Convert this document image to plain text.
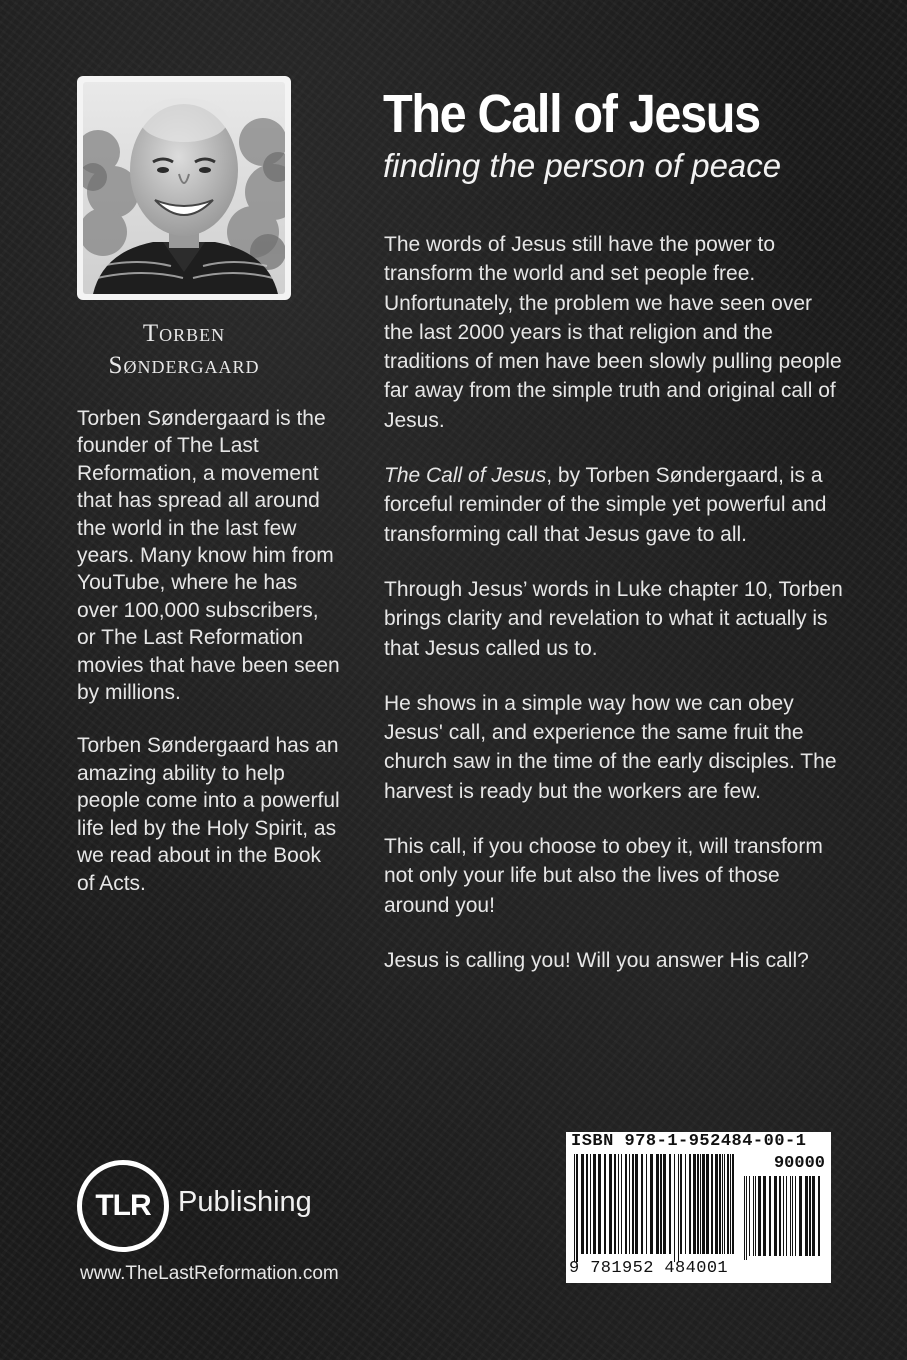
Torben
Søndergaard

Torben Søndergaard is the founder of The Last Reformation, a movement that has spread all around the world in the last few years. Many know him from YouTube, where he has over 100,000 subscribers, or The Last Reformation movies that have been seen by millions.

Torben Søndergaard has an amazing ability to help people come into a powerful life led by the Holy Spirit, as we read about in the Book of Acts.

The Call of Jesus
finding the person of peace

The words of Jesus still have the power to transform the world and set people free. Unfortunately, the problem we have seen over the last 2000 years is that religion and the traditions of men have been slowly pulling people far away from the simple truth and original call of Jesus.

The Call of Jesus, by Torben Søndergaard, is a forceful reminder of the simple yet powerful and transforming call that Jesus gave to all.

Through Jesus’ words in Luke chapter 10, Torben brings clarity and revelation to what it actually is that Jesus called us to.

He shows in a simple way how we can obey Jesus' call, and experience the same fruit the church saw in the time of the early disciples. The harvest is ready but the workers are few.

This call, if you choose to obey it, will transform not only your life but also the lives of those around you!

Jesus is calling you! Will you answer His call?

TLR Publishing
www.TheLastReformation.com
ISBN 978-1-952484-00-1
90000
9 781952 484001
